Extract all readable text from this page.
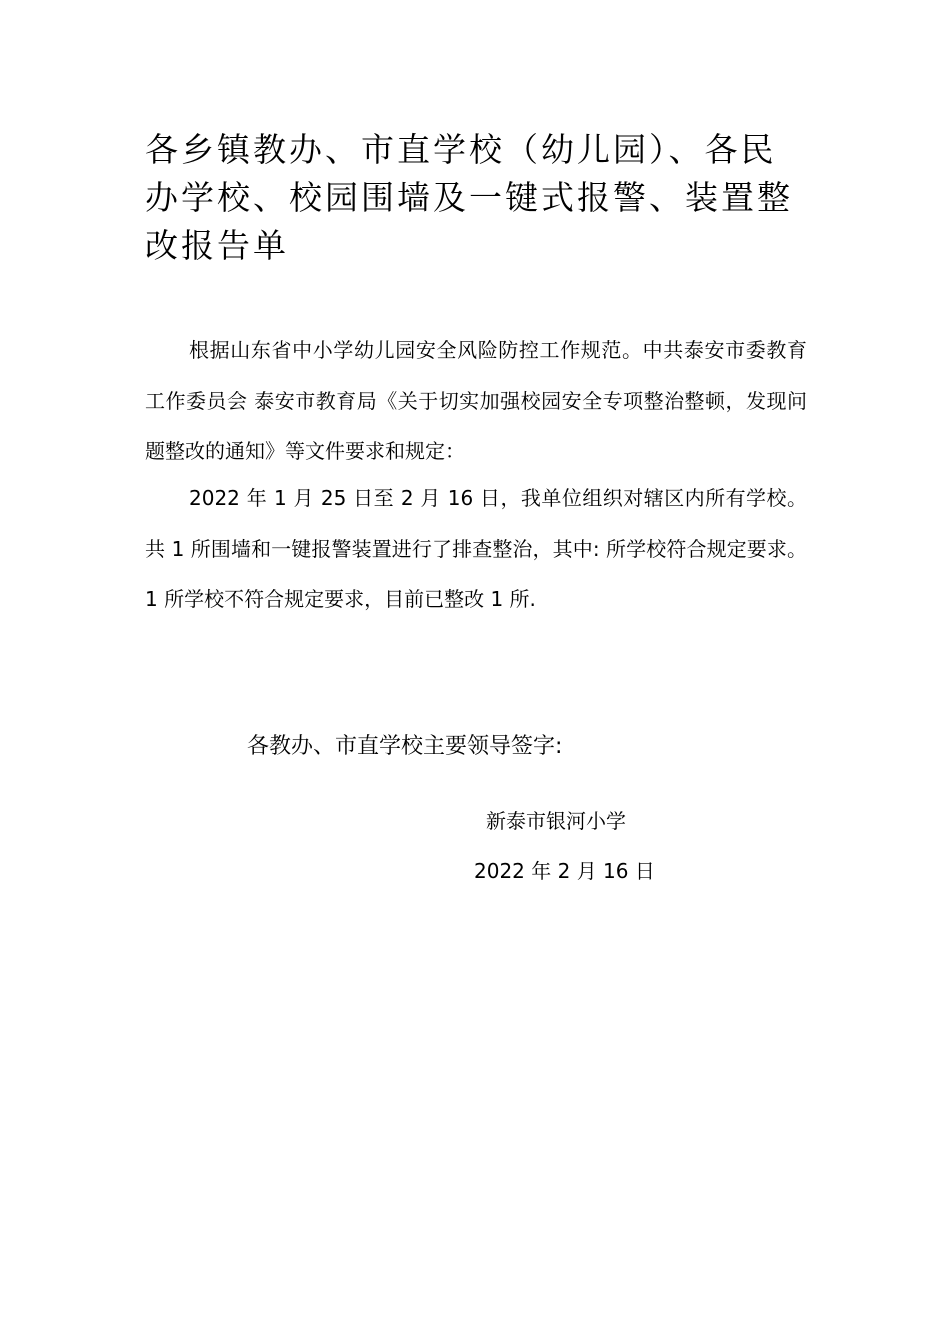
各乡镇教办、市直学校（幼儿园）、各民
办学校、校园围墙及一键式报警、装置整
改报告单

根据山东省中小学幼儿园安全风险防控工作规范。中共泰安市委教育工作委员会 泰安市教育局《关于切实加强校园安全专项整治整顿，发现问题整改的通知》等文件要求和规定：

2022 年 1 月 25 日至 2 月 16 日，我单位组织对辖区内所有学校。共 1 所围墙和一键报警装置进行了排查整治，其中: 所学校符合规定要求。1 所学校不符合规定要求，目前已整改 1 所.

各教办、市直学校主要领导签字:

新泰市银河小学

2022 年 2 月 16 日
